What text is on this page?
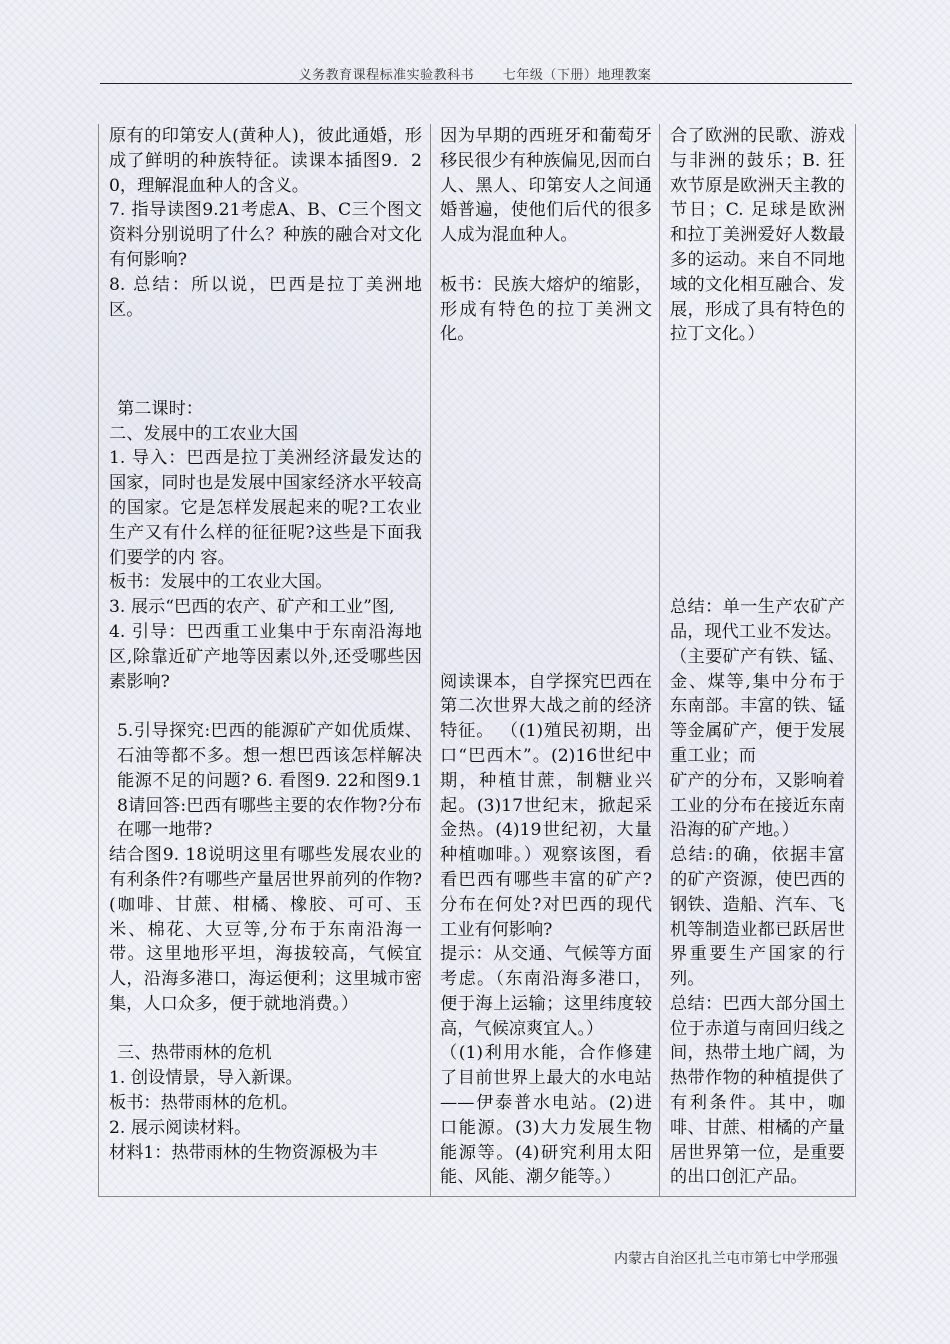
义务教育课程标准实验教科书 七年级（下册）地理教案

原有的印第安人(黄种人)，彼此通婚，形成了鲜明的种族特征。读课本插图9．20，理解混血种人的含义。

7. 指导读图9.21考虑A、B、C三个图文资料分别说明了什么？种族的融合对文化有何影响?

8. 总结：所以说，巴西是拉丁美洲地区。

第二课时：

二、发展中的工农业大国

1. 导入：巴西是拉丁美洲经济最发达的国家，同时也是发展中国家经济水平较高的国家。它是怎样发展起来的呢?工农业生产又有什么样的征征呢?这些是下面我们要学的内 容。

板书：发展中的工农业大国。

3. 展示“巴西的农产、矿产和工业”图,

4. 引导：巴西重工业集中于东南沿海地区,除靠近矿产地等因素以外,还受哪些因素影响?

5.引导探究:巴西的能源矿产如优质煤、石油等都不多。想一想巴西该怎样解决能源不足的问题? 6. 看图9. 22和图9.18请回答:巴西有哪些主要的农作物?分布在哪一地带?

结合图9. 18说明这里有哪些发展农业的有利条件?有哪些产量居世界前列的作物?(咖啡、甘蔗、柑橘、橡胶、可可、玉米、棉花、大豆等,分布于东南沿海一带。这里地形平坦，海拔较高，气候宜人，沿海多港口，海运便利；这里城市密集，人口众多，便于就地消费。）

三、热带雨林的危机

1. 创设情景，导入新课。

板书：热带雨林的危机。

2. 展示阅读材料。

材料1：热带雨林的生物资源极为丰

因为早期的西班牙和葡萄牙移民很少有种族偏见,因而白人、黑人、印第安人之间通婚普遍，使他们后代的很多人成为混血种人。

板书：民族大熔炉的缩影，形成有特色的拉丁美洲文化。

阅读课本，自学探究巴西在第二次世界大战之前的经济特征。 （(1)殖民初期，出口“巴西木”。(2)16世纪中期，种植甘蔗，制糖业兴起。(3)17世纪末，掀起采金热。(4)19世纪初，大量种植咖啡。）观察该图，看看巴西有哪些丰富的矿产?分布在何处?对巴西的现代工业有何影响?

提示：从交通、气候等方面考虑。（东南沿海多港口，便于海上运输；这里纬度较高，气候凉爽宜人。）

（(1)利用水能，合作修建了目前世界上最大的水电站——伊泰普水电站。(2)进口能源。(3)大力发展生物能源等。(4)研究利用太阳能、风能、潮夕能等。）

合了欧洲的民歌、游戏与非洲的鼓乐；B. 狂欢节原是欧洲天主教的节日；C. 足球是欧洲和拉丁美洲爱好人数最多的运动。来自不同地域的文化相互融合、发展，形成了具有特色的拉丁文化。）

总结：单一生产农矿产品，现代工业不发达。

（主要矿产有铁、锰、金、煤等,集中分布于东南部。丰富的铁、锰等金属矿产，便于发展重工业；而

矿产的分布，又影响着工业的分布在接近东南沿海的矿产地。）

总结:的确，依据丰富的矿产资源，使巴西的钢铁、造船、汽车、飞机等制造业都已跃居世界重要生产国家的行列。

总结：巴西大部分国土位于赤道与南回归线之间，热带土地广阔，为热带作物的种植提供了有利条件。其中，咖啡、甘蔗、柑橘的产量居世界第一位，是重要的出口创汇产品。

内蒙古自治区扎兰屯市第七中学邢强
